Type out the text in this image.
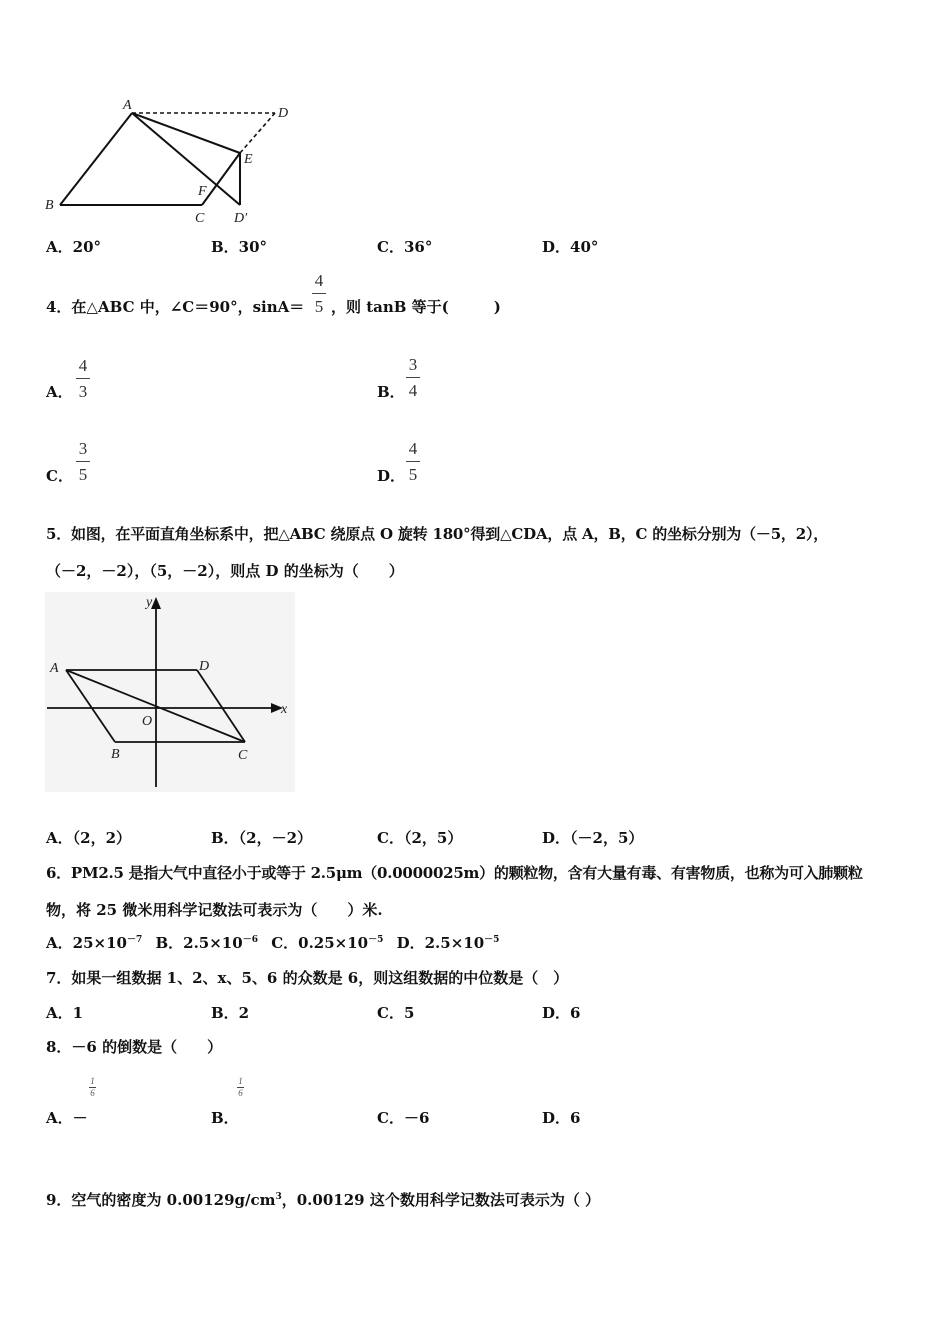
A
D
E
F
B
C D′
A．20°	B．30°	C．36°	D．40°
4．在△ABC 中，∠C＝90°，sinA＝
4
5 ，则 tanB 等于(　　　)
A．
4
3	B．
3
4
C．
3
5	D．
4
5
5．如图，在平面直角坐标系中，把△ABC 绕原点 O 旋转 180°得到△CDA，点 A，B，C 的坐标分别为（－5，2），
（－2，－2），（5，－2），则点 D 的坐标为（　　）
y
x
A	D
O
B	C
A．（2，2）	B．（2，－2）	C．（2，5）	D．（－2，5）
6．PM2.5 是指大气中直径小于或等于 2.5μm（0.0000025m）的颗粒物，含有大量有毒、有害物质，也称为可入肺颗粒
物，将 25 微米用科学记数法可表示为（　　）米.
A．$25\times 10^{-7}$ B．$2.5\times 10^{-6}$ C．$0.25\times 10^{-5}$ D．$2.5\times 10^{-5}$
7．如果一组数据 1、2、x、5、6 的众数是 6，则这组数据的中位数是（　）
A．1	B．2	C．5	D．6
8．－6 的倒数是（　　）
1
6
A．－
1
6
B．	C．－6	D．6
9．空气的密度为 $0.00129g/cm^3$，0.00129 这个数用科学记数法可表示为（ ）
